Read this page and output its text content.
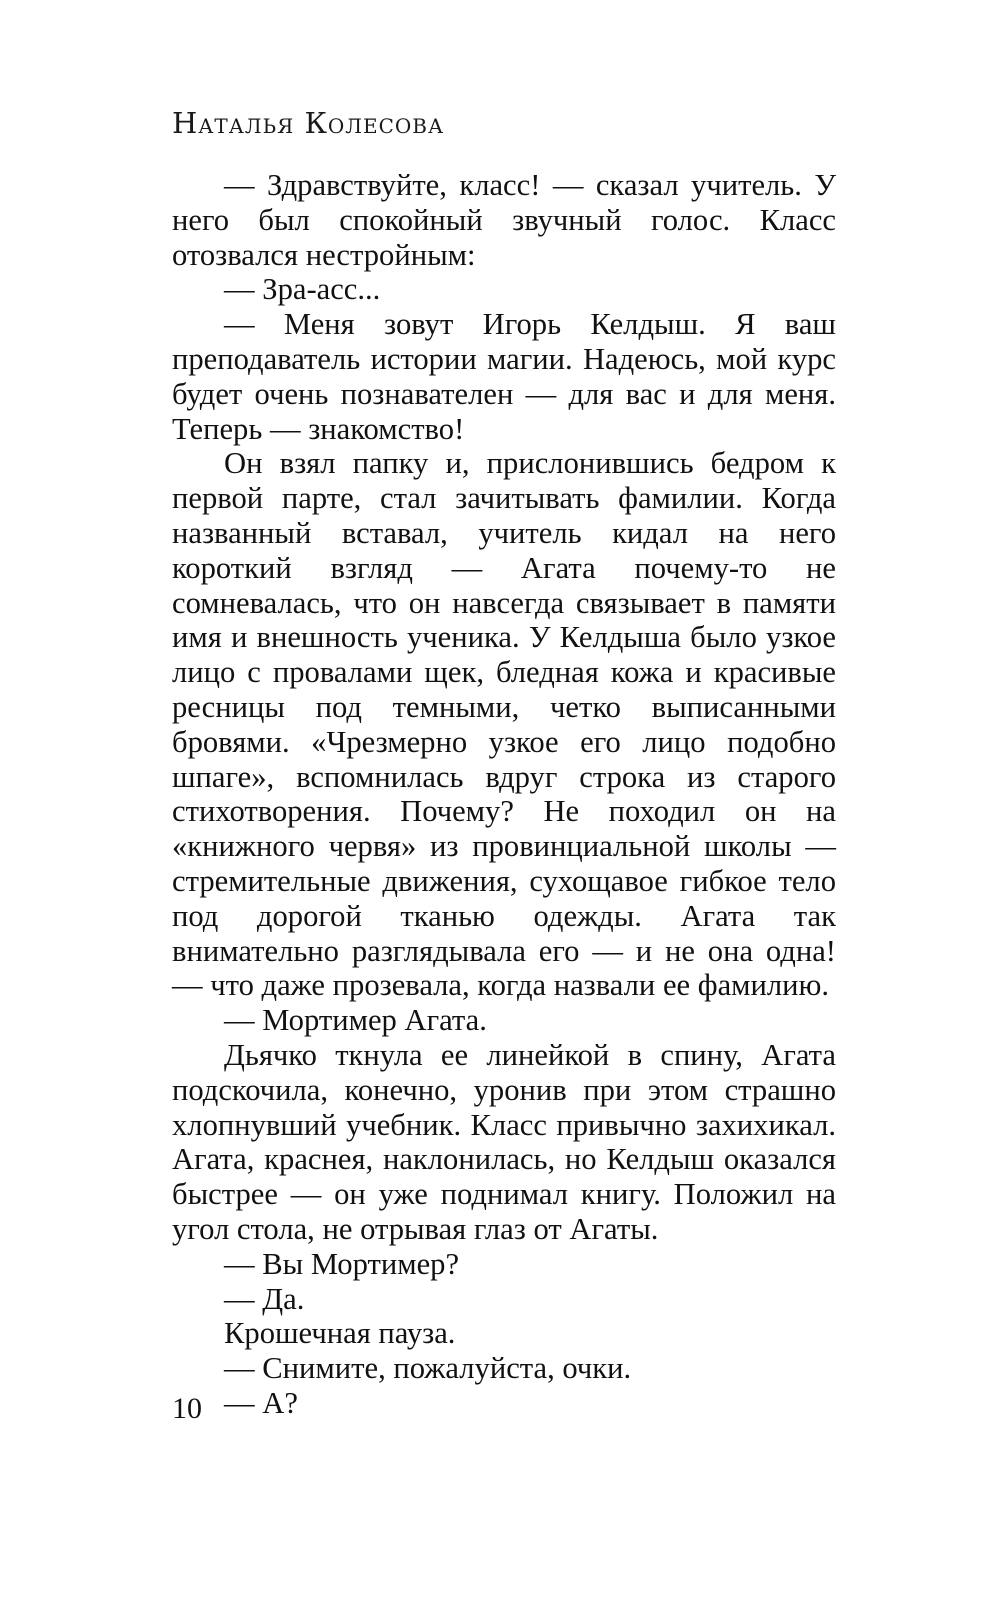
Наталья Колесова

— Здравствуйте, класс! — сказал учитель. У него был спокойный звучный голос. Класс отозвался нестройным:

— Зра-асс...

— Меня зовут Игорь Келдыш. Я ваш преподаватель истории магии. Надеюсь, мой курс будет очень познавателен — для вас и для меня. Теперь — знакомство!

Он взял папку и, прислонившись бедром к первой парте, стал зачитывать фамилии. Когда названный вставал, учитель кидал на него короткий взгляд — Агата почему-то не сомневалась, что он навсегда связывает в памяти имя и внешность ученика. У Келдыша было узкое лицо с провалами щек, бледная кожа и красивые ресницы под темными, четко выписанными бровями. «Чрезмерно узкое его лицо подобно шпаге», вспомнилась вдруг строка из старого стихотворения. Почему? Не походил он на «книжного червя» из провинциальной школы — стремительные движения, сухощавое гибкое тело под дорогой тканью одежды. Агата так внимательно разглядывала его — и не она одна! — что даже прозевала, когда назвали ее фамилию.

— Мортимер Агата.

Дьячко ткнула ее линейкой в спину, Агата подскочила, конечно, уронив при этом страшно хлопнувший учебник. Класс привычно захихикал. Агата, краснея, наклонилась, но Келдыш оказался быстрее — он уже поднимал книгу. Положил на угол стола, не отрывая глаз от Агаты.

— Вы Мортимер?

— Да.

Крошечная пауза.

— Снимите, пожалуйста, очки.

— А?

10
